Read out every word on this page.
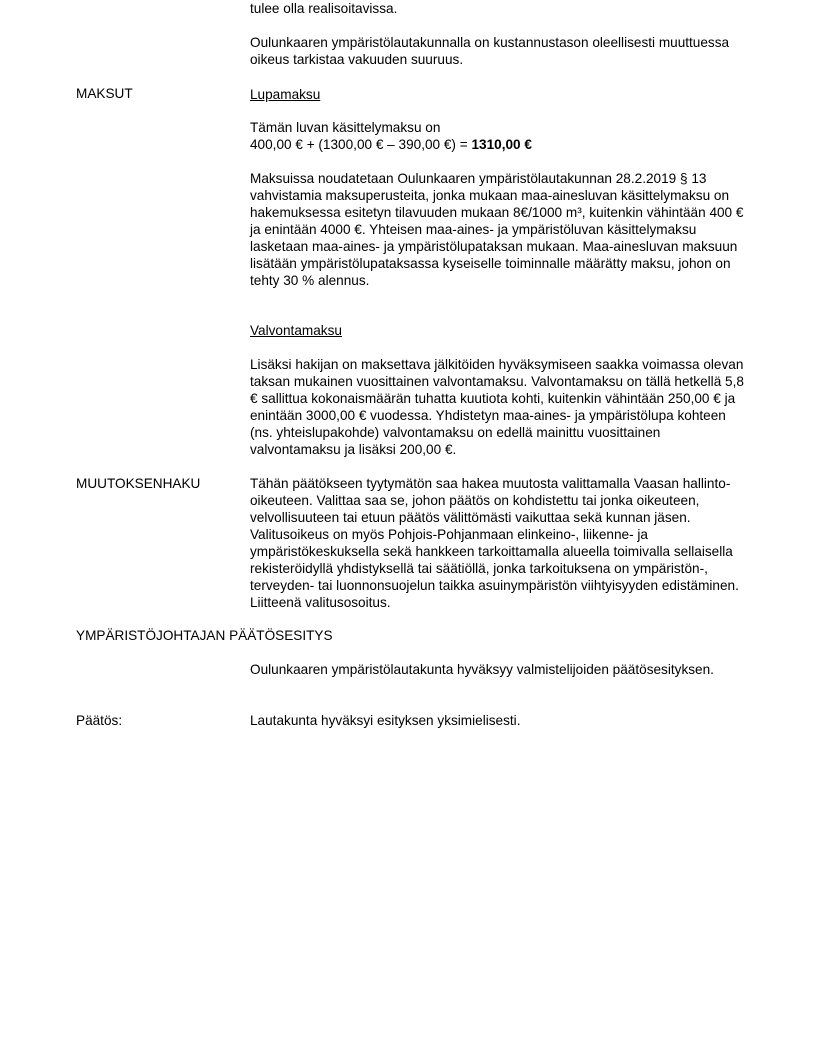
tulee olla realisoitavissa.

Oulunkaaren ympäristölautakunnalla on kustannustason oleellisesti muuttuessa oikeus tarkistaa vakuuden suuruus.

MAKSUT	Lupamaksu

Tämän luvan käsittelymaksu on

400,00 € + (1300,00 € – 390,00 €) = 1310,00 €

Maksuissa noudatetaan Oulunkaaren ympäristölautakunnan 28.2.2019 § 13 vahvistamia maksuperusteita, jonka mukaan maa-ainesluvan käsittelymaksu on hakemuksessa esitetyn tilavuuden mukaan 8€/1000 m³, kuitenkin vähintään 400 € ja enintään 4000 €. Yhteisen maa-aines- ja ympäristöluvan käsittelymaksu lasketaan maa-aines- ja ympäristölupataksan mukaan. Maa-ainesluvan maksuun lisätään ympäristölupataksassa kyseiselle toiminnalle määrätty maksu, johon on tehty 30 % alennus.

Valvontamaksu

Lisäksi hakijan on maksettava jälkitöiden hyväksymiseen saakka voimassa olevan taksan mukainen vuosittainen valvontamaksu. Valvontamaksu on tällä hetkellä 5,8 € sallittua kokonaismäärän tuhatta kuutiota kohti, kuitenkin vähintään 250,00 € ja enintään 3000,00 € vuodessa. Yhdistetyn maa-aines- ja ympäristölupa kohteen (ns. yhteislupakohde) valvontamaksu on edellä mainittu vuosittainen valvontamaksu ja lisäksi 200,00 €.

MUUTOKSENHAKU	Tähän päätökseen tyytymätön saa hakea muutosta valittamalla Vaasan hallinto-oikeuteen. Valittaa saa se, johon päätös on kohdistettu tai jonka oikeuteen, velvollisuuteen tai etuun päätös välittömästi vaikuttaa sekä kunnan jäsen. Valitusoikeus on myös Pohjois-Pohjanmaan elinkeino-, liikenne- ja ympäristökeskuksella sekä hankkeen tarkoittamalla alueella toimivalla sellaisella rekisteröidyllä yhdistyksellä tai säätiöllä, jonka tarkoituksena on ympäristön-, terveyden- tai luonnonsuojelun taikka asuinympäristön viihtyisyyden edistäminen. Liitteenä valitusosoitus.

YMPÄRISTÖJOHTAJAN PÄÄTÖSESITYS

Oulunkaaren ympäristölautakunta hyväksyy valmistelijoiden päätösesityksen.

Päätös:	Lautakunta hyväksyi esityksen yksimielisesti.
